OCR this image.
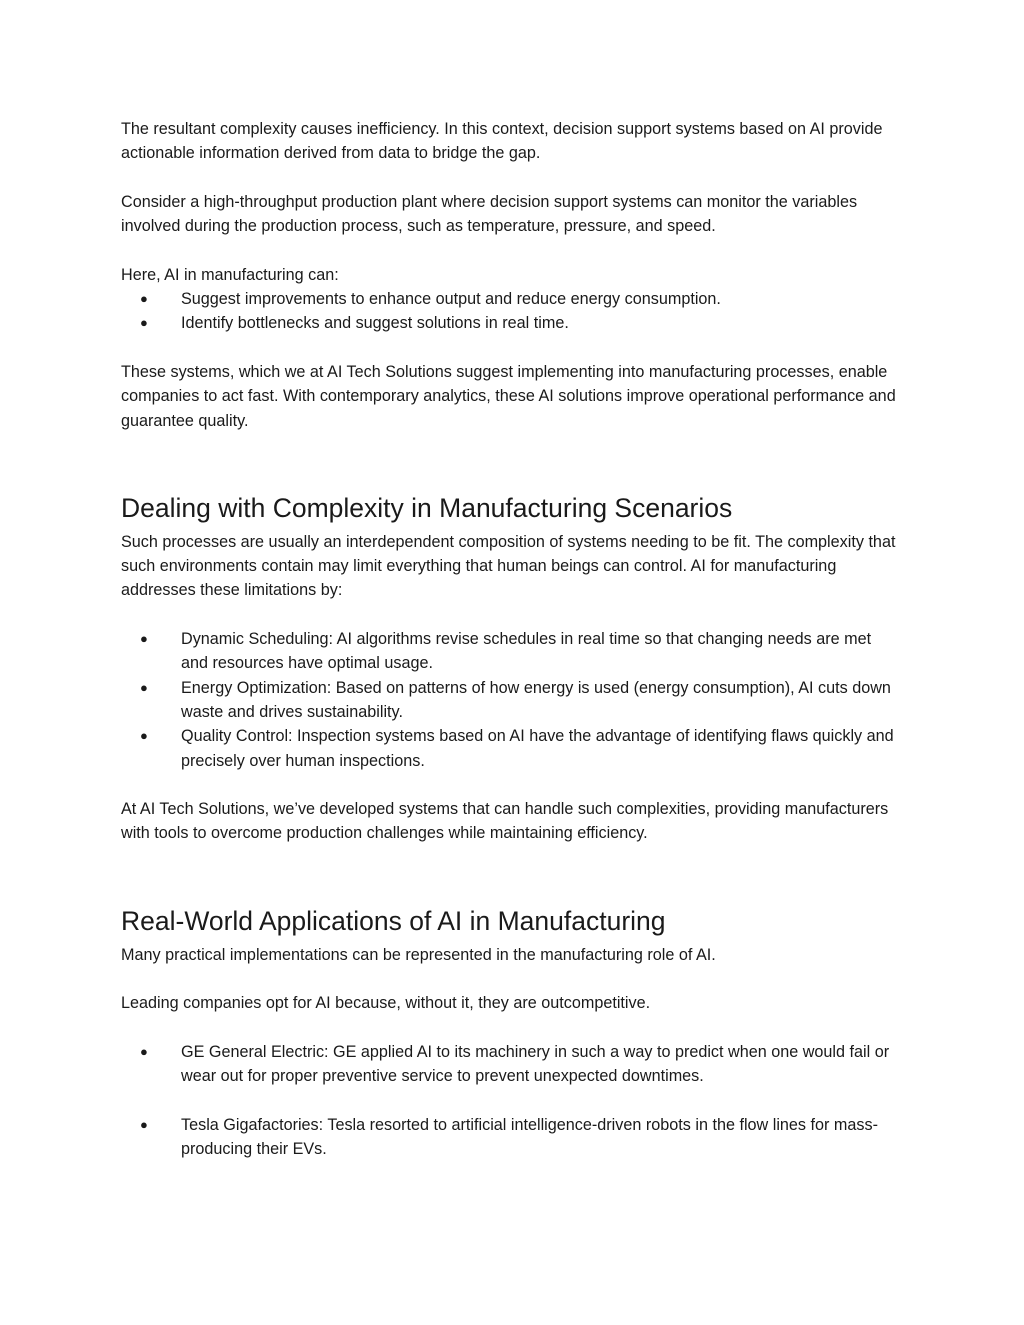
The resultant complexity causes inefficiency. In this context, decision support systems based on AI provide actionable information derived from data to bridge the gap.

Consider a high-throughput production plant where decision support systems can monitor the variables involved during the production process, such as temperature, pressure, and speed.

Here, AI in manufacturing can:

● Suggest improvements to enhance output and reduce energy consumption.
● Identify bottlenecks and suggest solutions in real time.

These systems, which we at AI Tech Solutions suggest implementing into manufacturing processes, enable companies to act fast. With contemporary analytics, these AI solutions improve operational performance and guarantee quality.

Dealing with Complexity in Manufacturing Scenarios

Such processes are usually an interdependent composition of systems needing to be fit. The complexity that such environments contain may limit everything that human beings can control. AI for manufacturing addresses these limitations by:

● Dynamic Scheduling: AI algorithms revise schedules in real time so that changing needs are met and resources have optimal usage.
● Energy Optimization: Based on patterns of how energy is used (energy consumption), AI cuts down waste and drives sustainability.
● Quality Control: Inspection systems based on AI have the advantage of identifying flaws quickly and precisely over human inspections.

At AI Tech Solutions, we’ve developed systems that can handle such complexities, providing manufacturers with tools to overcome production challenges while maintaining efficiency.

Real-World Applications of AI in Manufacturing

Many practical implementations can be represented in the manufacturing role of AI.

Leading companies opt for AI because, without it, they are outcompetitive.

● GE General Electric: GE applied AI to its machinery in such a way to predict when one would fail or wear out for proper preventive service to prevent unexpected downtimes.
● Tesla Gigafactories: Tesla resorted to artificial intelligence-driven robots in the flow lines for mass-producing their EVs.
